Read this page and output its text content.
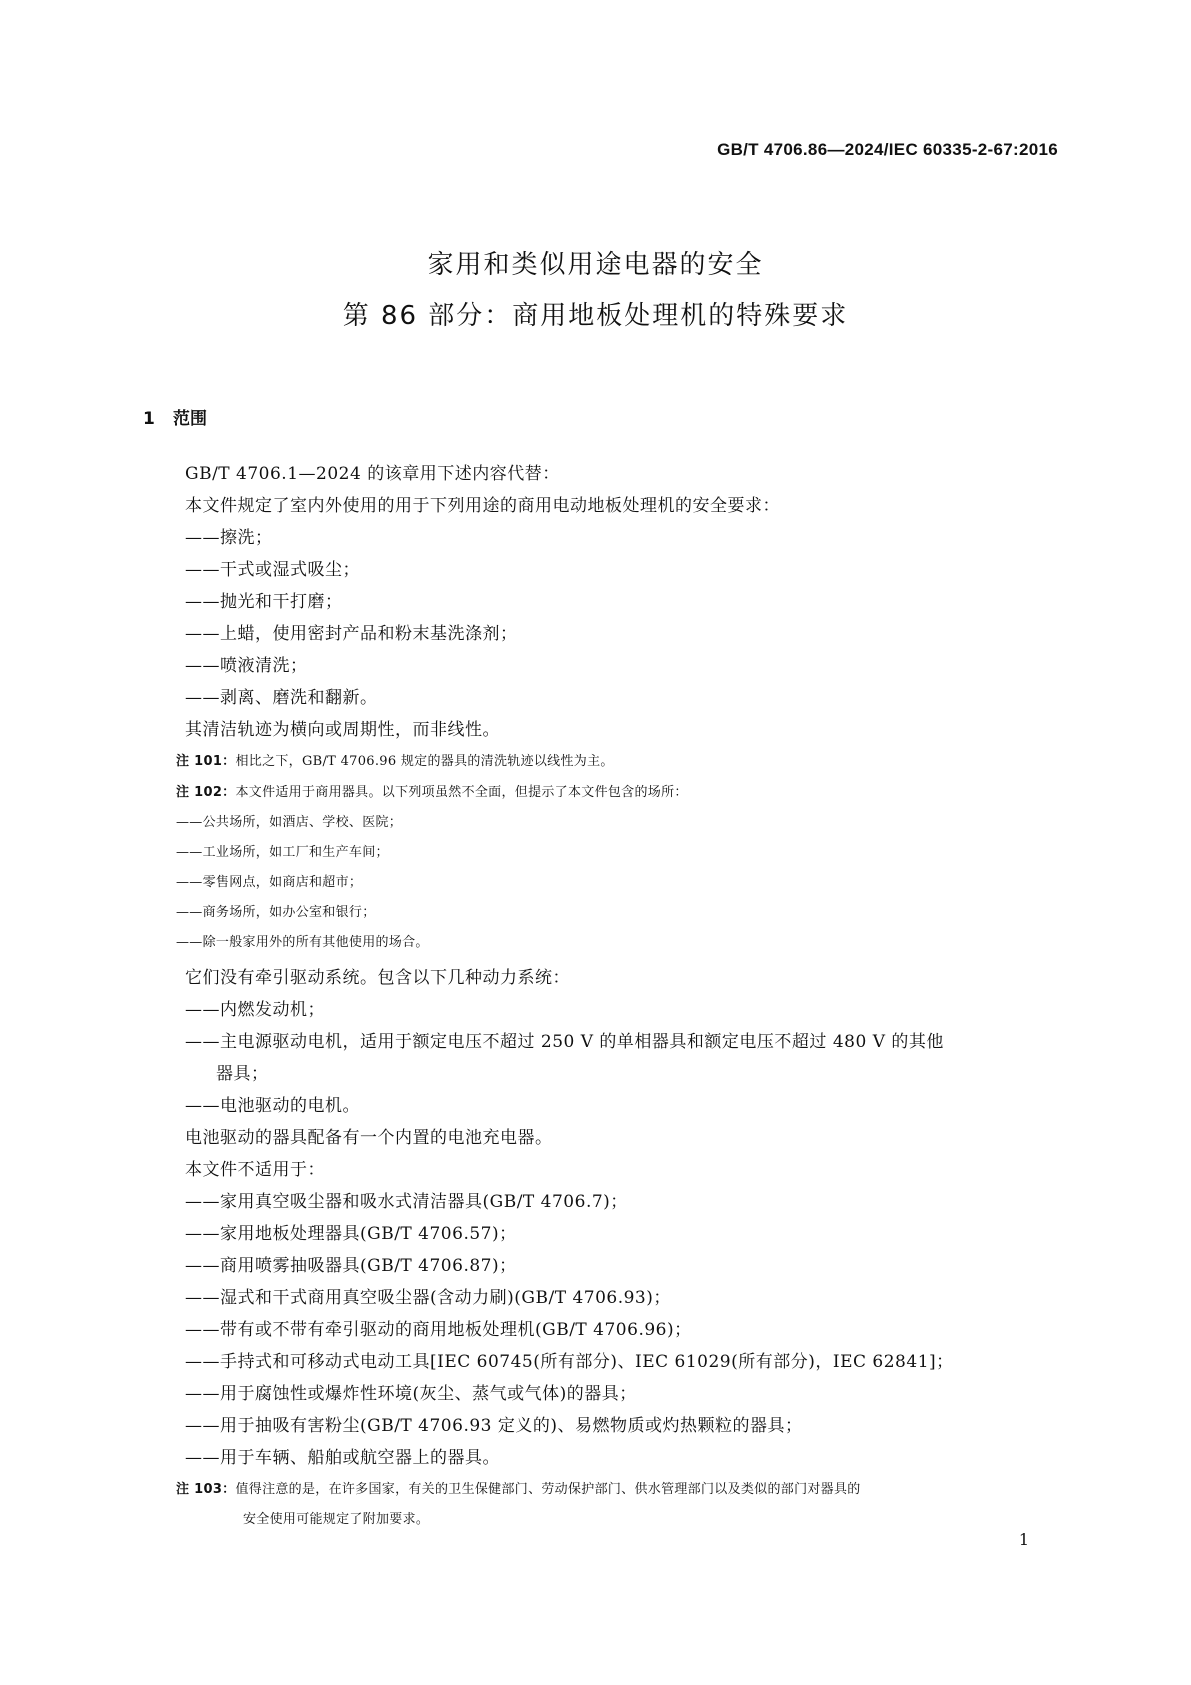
GB/T 4706.86—2024/IEC 60335-2-67:2016
家用和类似用途电器的安全
第 86 部分：商用地板处理机的特殊要求
1 范围
GB/T 4706.1—2024 的该章用下述内容代替：
本文件规定了室内外使用的用于下列用途的商用电动地板处理机的安全要求：
——擦洗；
——干式或湿式吸尘；
——抛光和干打磨；
——上蜡，使用密封产品和粉末基洗涤剂；
——喷液清洗；
——剥离、磨洗和翻新。
其清洁轨迹为横向或周期性，而非线性。
注 101：相比之下，GB/T 4706.96 规定的器具的清洗轨迹以线性为主。
注 102：本文件适用于商用器具。以下列项虽然不全面，但提示了本文件包含的场所：
——公共场所，如酒店、学校、医院；
——工业场所，如工厂和生产车间；
——零售网点，如商店和超市；
——商务场所，如办公室和银行；
——除一般家用外的所有其他使用的场合。
它们没有牵引驱动系统。包含以下几种动力系统：
——内燃发动机；
——主电源驱动电机，适用于额定电压不超过 250 V 的单相器具和额定电压不超过 480 V 的其他
器具；
——电池驱动的电机。
电池驱动的器具配备有一个内置的电池充电器。
本文件不适用于：
——家用真空吸尘器和吸水式清洁器具(GB/T 4706.7)；
——家用地板处理器具(GB/T 4706.57)；
——商用喷雾抽吸器具(GB/T 4706.87)；
——湿式和干式商用真空吸尘器(含动力刷)(GB/T 4706.93)；
——带有或不带有牵引驱动的商用地板处理机(GB/T 4706.96)；
——手持式和可移动式电动工具[IEC 60745(所有部分)、IEC 61029(所有部分)，IEC 62841]；
——用于腐蚀性或爆炸性环境(灰尘、蒸气或气体)的器具；
——用于抽吸有害粉尘(GB/T 4706.93 定义的)、易燃物质或灼热颗粒的器具；
——用于车辆、船舶或航空器上的器具。
注 103：值得注意的是，在许多国家，有关的卫生保健部门、劳动保护部门、供水管理部门以及类似的部门对器具的
安全使用可能规定了附加要求。
1
